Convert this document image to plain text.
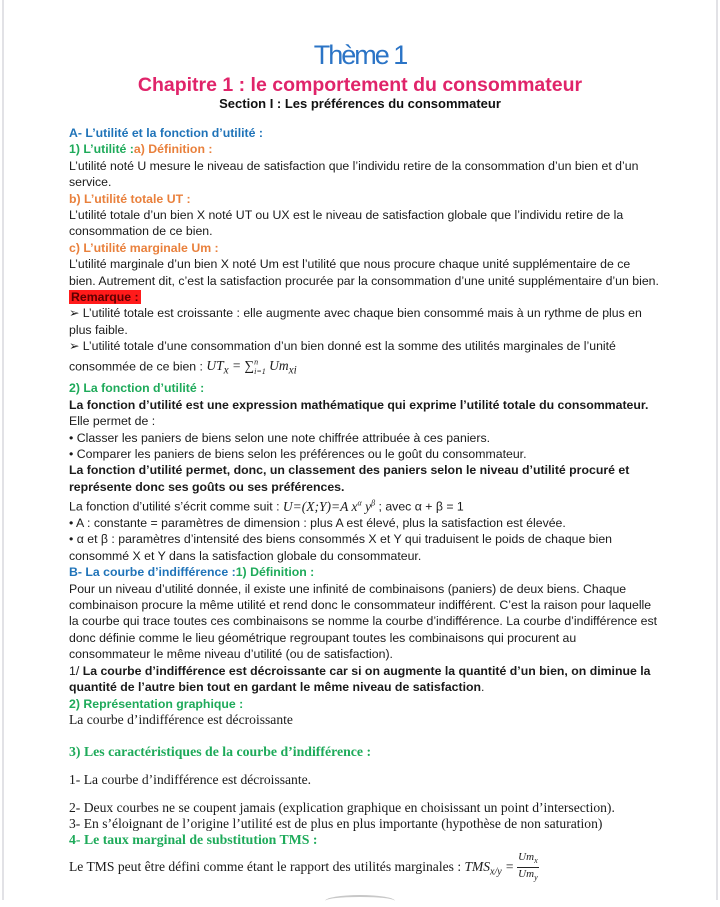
Thème 1
Chapitre 1 : le comportement du consommateur
Section I : Les préférences du consommateur

A- L’utilité et la fonction d’utilité :

1) L’utilité :a) Définition :

L’utilité noté U mesure le niveau de satisfaction que l’individu retire de la consommation d’un bien et d’un service.

b) L’utilité totale UT :

L’utilité totale d’un bien X noté UT ou UX est le niveau de satisfaction globale que l’individu retire de la consommation de ce bien.

c) L’utilité marginale Um :

L’utilité marginale d’un bien X noté Um est l’utilité que nous procure chaque unité supplémentaire de ce bien. Autrement dit, c’est la satisfaction procurée par la consommation d’une unité supplémentaire d’un bien.

Remarque :

➢ L’utilité totale est croissante : elle augmente avec chaque bien consommé mais à un rythme de plus en plus faible.

➢ L’utilité totale d’une consommation d’un bien donné est la somme des utilités marginales de l’unité consommée de ce bien : $UT_x = \sum^n_{i=1}$ $Um_{xi}$

2) La fonction d’utilité :

La fonction d’utilité est une expression mathématique qui exprime l’utilité totale du consommateur.

Elle permet de :

• Classer les paniers de biens selon une note chiffrée attribuée à ces paniers.

• Comparer les paniers de biens selon les préférences ou le goût du consommateur.

La fonction d’utilité permet, donc, un classement des paniers selon le niveau d’utilité procuré et représente donc ses goûts ou ses préférences.

La fonction d’utilité s’écrit comme suit : U=(X;Y)=A $x^\alpha$ $y^\beta$ ; avec α + β = 1

• A : constante = paramètres de dimension : plus A est élevé, plus la satisfaction est élevée.

• α et β : paramètres d’intensité des biens consommés X et Y qui traduisent le poids de chaque bien consommé X et Y dans la satisfaction globale du consommateur.

B- La courbe d’indifférence :1) Définition :

Pour un niveau d’utilité donnée, il existe une infinité de combinaisons (paniers) de deux biens. Chaque combinaison procure la même utilité et rend donc le consommateur indifférent. C’est la raison pour laquelle la courbe qui trace toutes ces combinaisons se nomme la courbe d’indifférence. La courbe d’indifférence est donc définie comme le lieu géométrique regroupant toutes les combinaisons qui procurent au consommateur le même niveau d’utilité (ou de satisfaction).

1/ La courbe d’indifférence est décroissante car si on augmente la quantité d’un bien, on diminue la quantité de l’autre bien tout en gardant le même niveau de satisfaction.

2) Représentation graphique :

La courbe d’indifférence est décroissante

3) Les caractéristiques de la courbe d’indifférence :

1- La courbe d’indifférence est décroissante.

2- Deux courbes ne se coupent jamais (explication graphique en choisissant un point d’intersection).

3- En s’éloignant de l’origine l’utilité est de plus en plus importante (hypothèse de non saturation)

4- Le taux marginal de substitution TMS :

Le TMS peut être défini comme étant le rapport des utilités marginales : $TMS_{x/y} = \frac{Um_x}{Um_y}$
